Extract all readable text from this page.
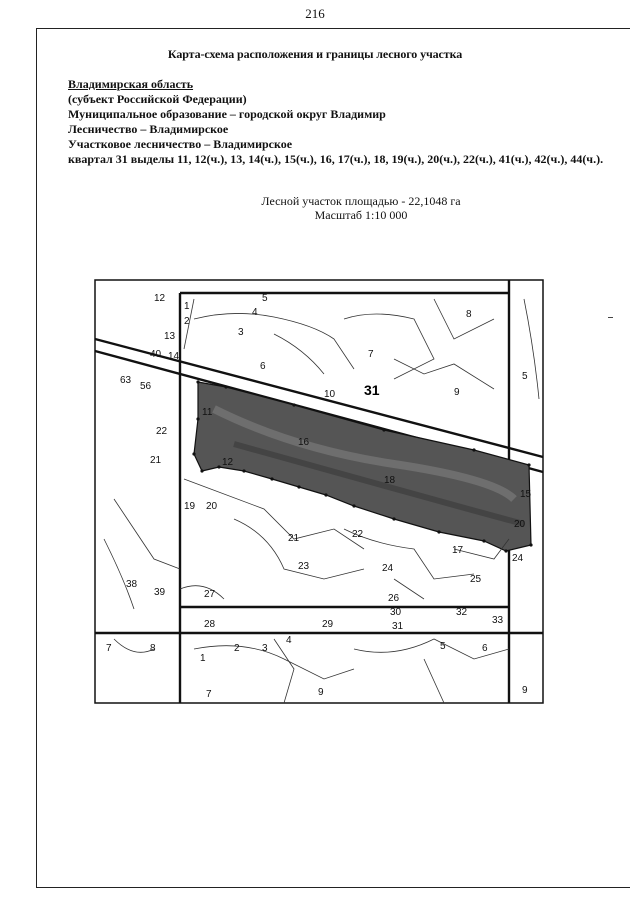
216
Карта-схема расположения и границы лесного участка
Владимирская область
(субъект Российской Федерации)
Муниципальное образование – городской округ Владимир
Лесничество – Владимирское
Участковое лесничество – Владимирское
квартал 31 выделы 11, 12(ч.), 13, 14(ч.), 15(ч.), 16, 17(ч.), 18, 19(ч.), 20(ч.), 22(ч.), 41(ч.), 42(ч.), 44(ч.).
Лесной участок площадью - 22,1048 га
Масштаб 1:10 000
31
12
1
2
4
5
8
3
6
7
10	9
5
13
14
40
63
56
22
21
19 20
38
39	27
28
21	22
23	24
17
25
26
30
31
32
33
29
24
15
7	8
1
2 3
4
5	6
7	9	9
11
12
16
18
20
